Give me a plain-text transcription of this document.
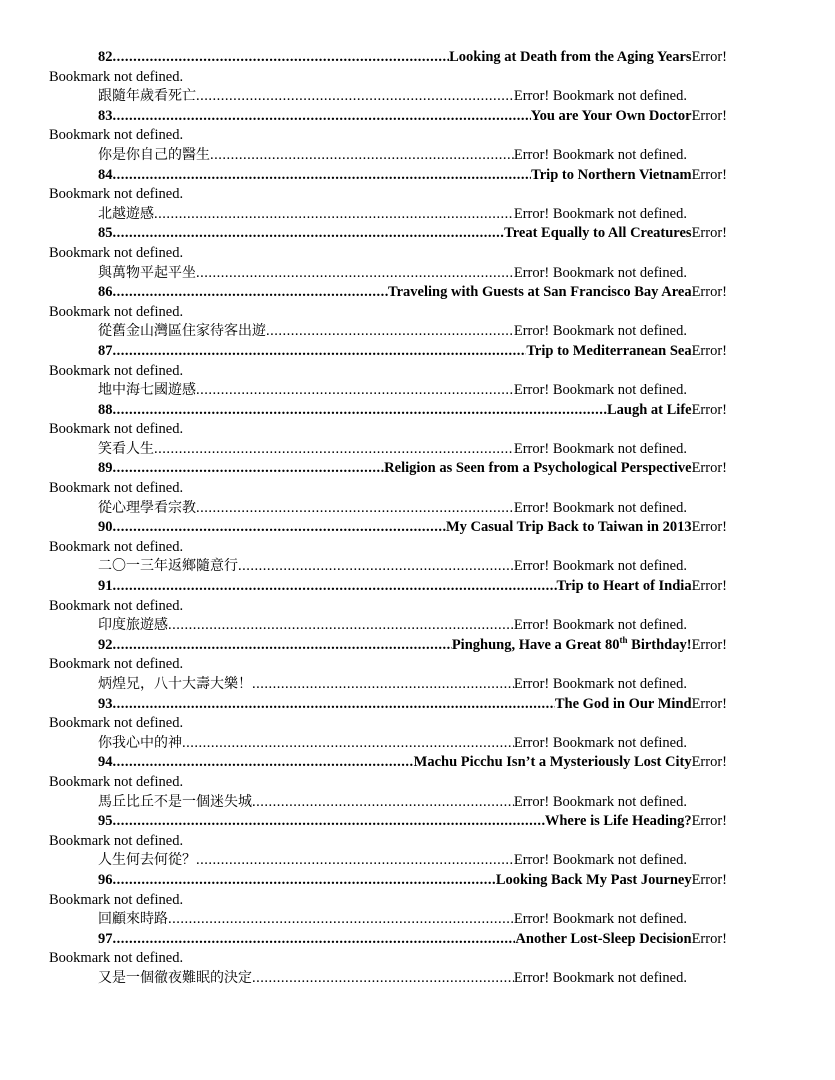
82 .....	Looking at Death from the Aging Years Error!
Bookmark not defined.
跟隨年歲看死亡 .....	Error! Bookmark not defined.
83 .....	You are Your Own Doctor Error!
Bookmark not defined.
你是你自己的醫生 .....	Error! Bookmark not defined.
84 .....	Trip to Northern Vietnam Error!
Bookmark not defined.
北越遊感 .....	Error! Bookmark not defined.
85 .....	Treat Equally to All Creatures Error!
Bookmark not defined.
與萬物平起平坐 .....	Error! Bookmark not defined.
86 .....	Traveling with Guests at San Francisco Bay Area Error!
Bookmark not defined.
從舊金山灣區住家待客出遊 .....	Error! Bookmark not defined.
87 .....	Trip to Mediterranean Sea Error!
Bookmark not defined.
地中海七國遊感 .....	Error! Bookmark not defined.
88 .....	Laugh at Life Error!
Bookmark not defined.
笑看人生 .....	Error! Bookmark not defined.
89 .....	Religion as Seen from a Psychological Perspective Error!
Bookmark not defined.
從心理學看宗教 .....	Error! Bookmark not defined.
90 .....	My Casual Trip Back to Taiwan in 2013 Error!
Bookmark not defined.
二〇一三年返鄉隨意行 .....	Error! Bookmark not defined.
91 .....	Trip to Heart of India Error!
Bookmark not defined.
印度旅遊感 .....	Error! Bookmark not defined.
92 .....	Pinghung, Have a Great 80th Birthday! Error!
Bookmark not defined.
炳煌兄，八十大壽大樂！ .....	Error! Bookmark not defined.
93 .....	The God in Our Mind Error!
Bookmark not defined.
你我心中的神 .....	Error! Bookmark not defined.
94 .....	Machu Picchu Isn’t a Mysteriously Lost City Error!
Bookmark not defined.
馬丘比丘不是一個迷失城 .....	Error! Bookmark not defined.
95 .....	Where is Life Heading? Error!
Bookmark not defined.
人生何去何從？ .....	Error! Bookmark not defined.
96 .....	Looking Back My Past Journey Error!
Bookmark not defined.
回顧來時路 .....	Error! Bookmark not defined.
97 .....	Another Lost-Sleep Decision Error!
Bookmark not defined.
又是一個徹夜難眠的決定 .....	Error! Bookmark not defined.
